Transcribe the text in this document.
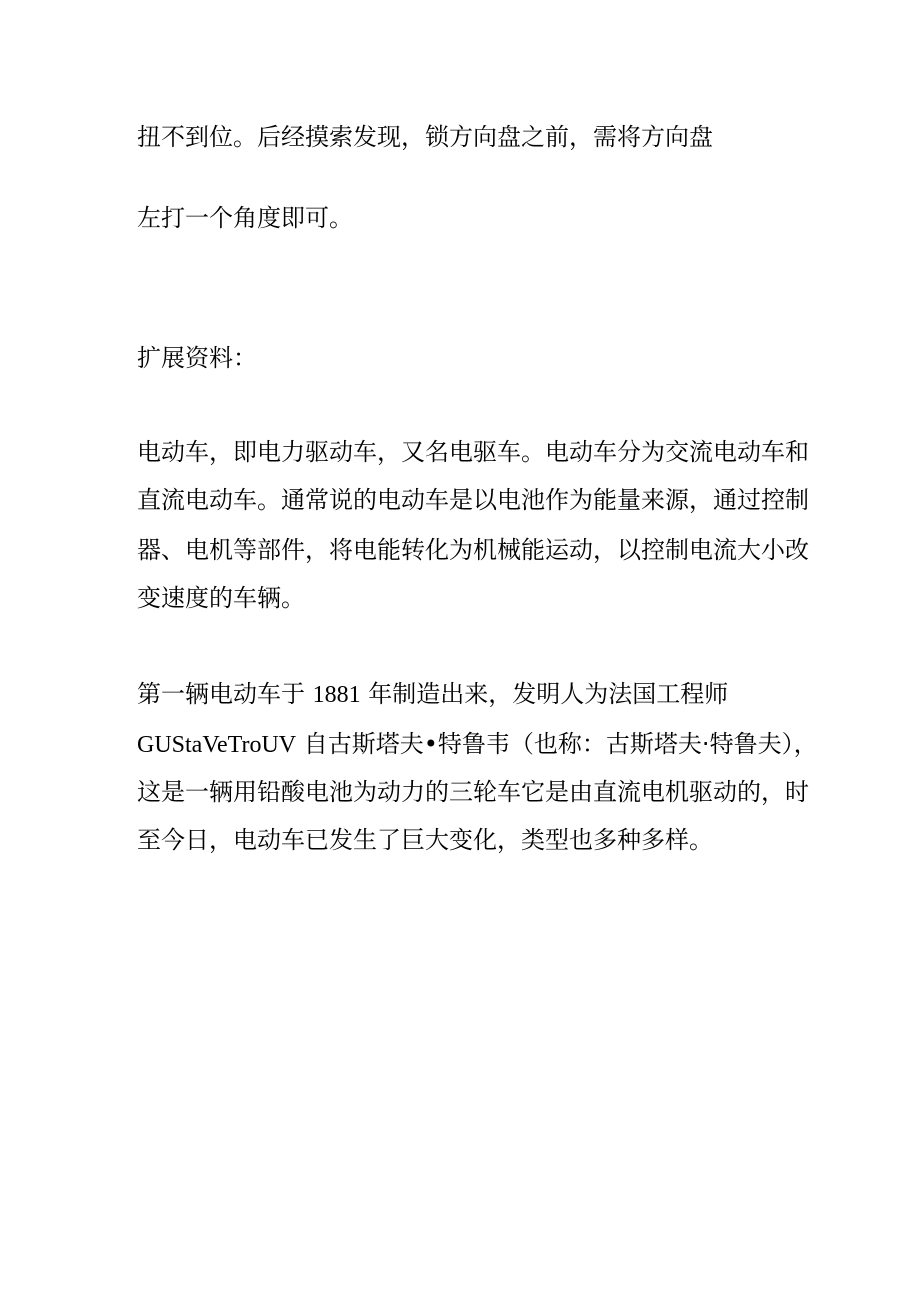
扭不到位。后经摸索发现，锁方向盘之前，需将方向盘
左打一个角度即可。
扩展资料：
电动车，即电力驱动车，又名电驱车。电动车分为交流电动车和
直流电动车。通常说的电动车是以电池作为能量来源，通过控制
器、电机等部件，将电能转化为机械能运动，以控制电流大小改
变速度的车辆。
第一辆电动车于 1881 年制造出来，发明人为法国工程师
GUStaVeTroUV 自古斯塔夫•特鲁韦（也称：古斯塔夫·特鲁夫），
这是一辆用铅酸电池为动力的三轮车它是由直流电机驱动的，时
至今日，电动车已发生了巨大变化，类型也多种多样。
